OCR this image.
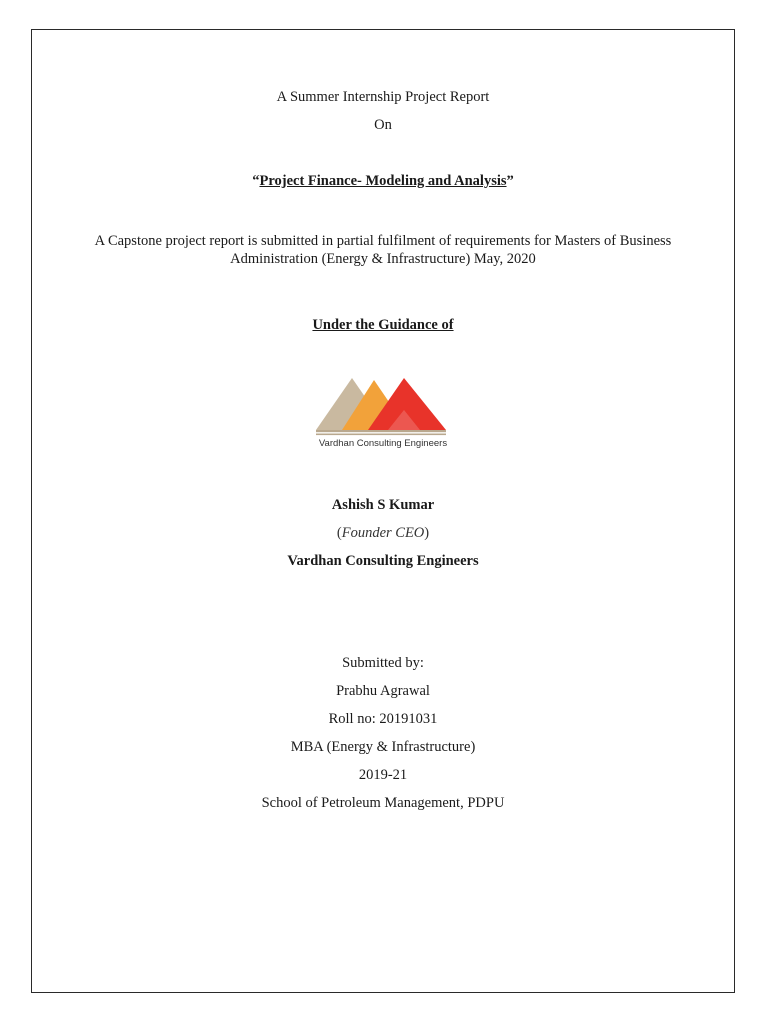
A Summer Internship Project Report
On
“Project Finance- Modeling and Analysis”
A Capstone project report is submitted in partial fulfilment of requirements for Masters of Business
Administration (Energy & Infrastructure) May, 2020
Under the Guidance of
Vardhan Consulting Engineers
Ashish S Kumar
(Founder CEO)
Vardhan Consulting Engineers
Submitted by:
Prabhu Agrawal
Roll no: 20191031
MBA (Energy & Infrastructure)
2019-21
School of Petroleum Management, PDPU
